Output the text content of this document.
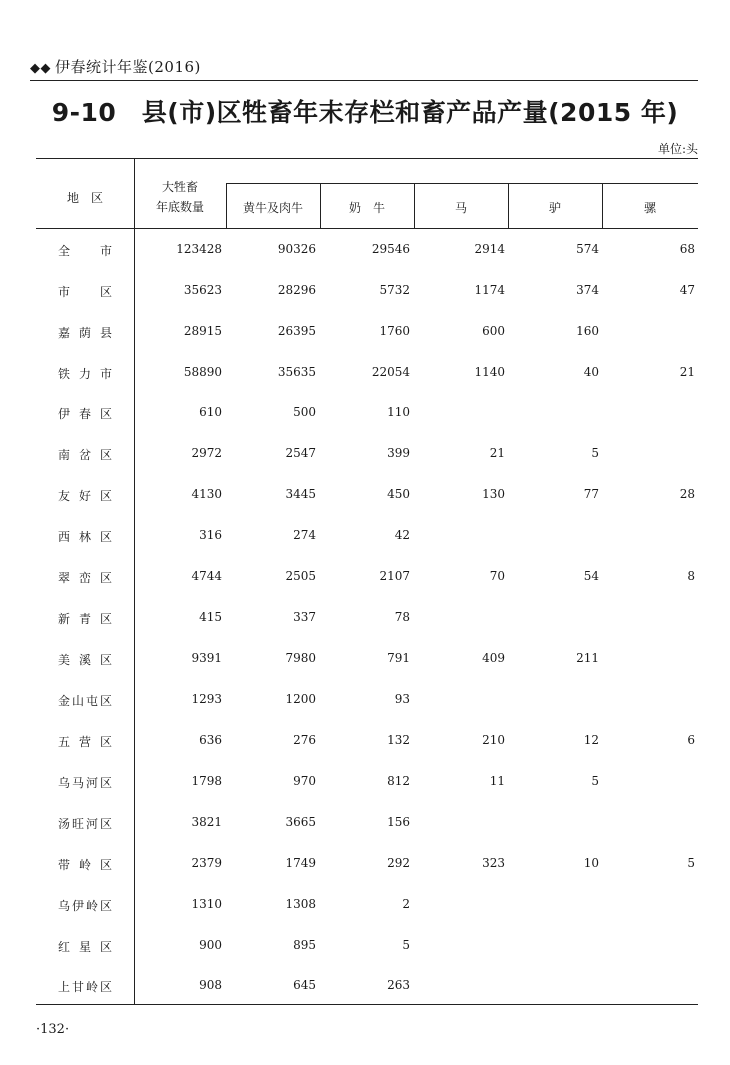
◆◆ 伊春统计年鉴(2016)
9-10　县(市)区牲畜年末存栏和畜产品产量(2015 年)
单位:头
地　区
大牲畜
年底数量	黄牛及肉牛	奶　牛	马	驴	骡
全　市	123428	90326	29546	2914	574	68
市　区	35623	28296	5732	1174	374	47
嘉荫县	28915	26395	1760	600	160
铁力市	58890	35635	22054	1140	40	21
伊春区	610	500	110
南岔区	2972	2547	399	21	5
友好区	4130	3445	450	130	77	28
西林区	316	274	42
翠峦区	4744	2505	2107	70	54	8
新青区	415	337	78
美溪区	9391	7980	791	409	211
金山屯区	1293	1200	93
五营区	636	276	132	210	12	6
乌马河区	1798	970	812	11	5
汤旺河区	3821	3665	156
带岭区	2379	1749	292	323	10	5
乌伊岭区	1310	1308	2
红星区	900	895	5
上甘岭区	908	645	263
·132·
